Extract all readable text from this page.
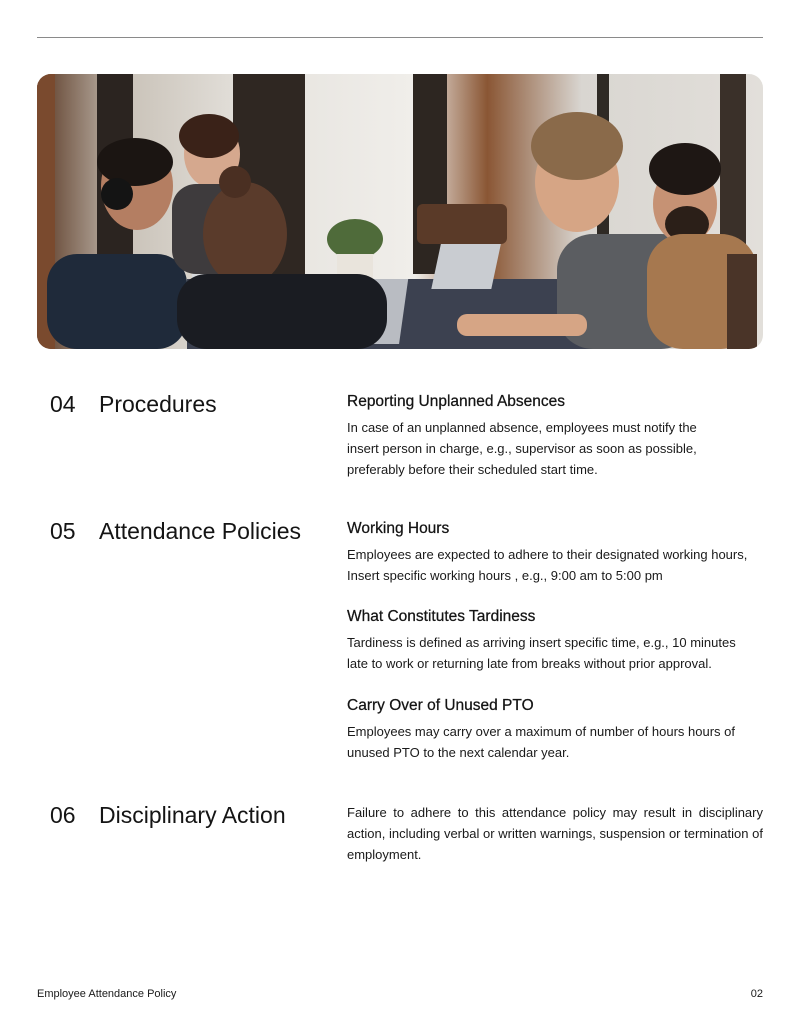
04	Procedures	Reporting Unplanned Absences

In case of an unplanned absence, employees must notify the
insert person in charge, e.g., supervisor as soon as possible,
preferably before their scheduled start time.

05	Attendance Policies	Working Hours

Employees are expected to adhere to their designated working hours,
Insert specific working hours , e.g., 9:00 am to 5:00 pm

What Constitutes Tardiness

Tardiness is defined as arriving insert specific time, e.g., 10 minutes
late to work or returning late from breaks without prior approval.

Carry Over of Unused PTO

Employees may carry over a maximum of number of hours hours of
unused PTO to the next calendar year.

06	Disciplinary Action	Failure to adhere to this attendance policy may result in disciplinary action, including verbal or written warnings, suspension or termination of employment.

Employee Attendance Policy	02
